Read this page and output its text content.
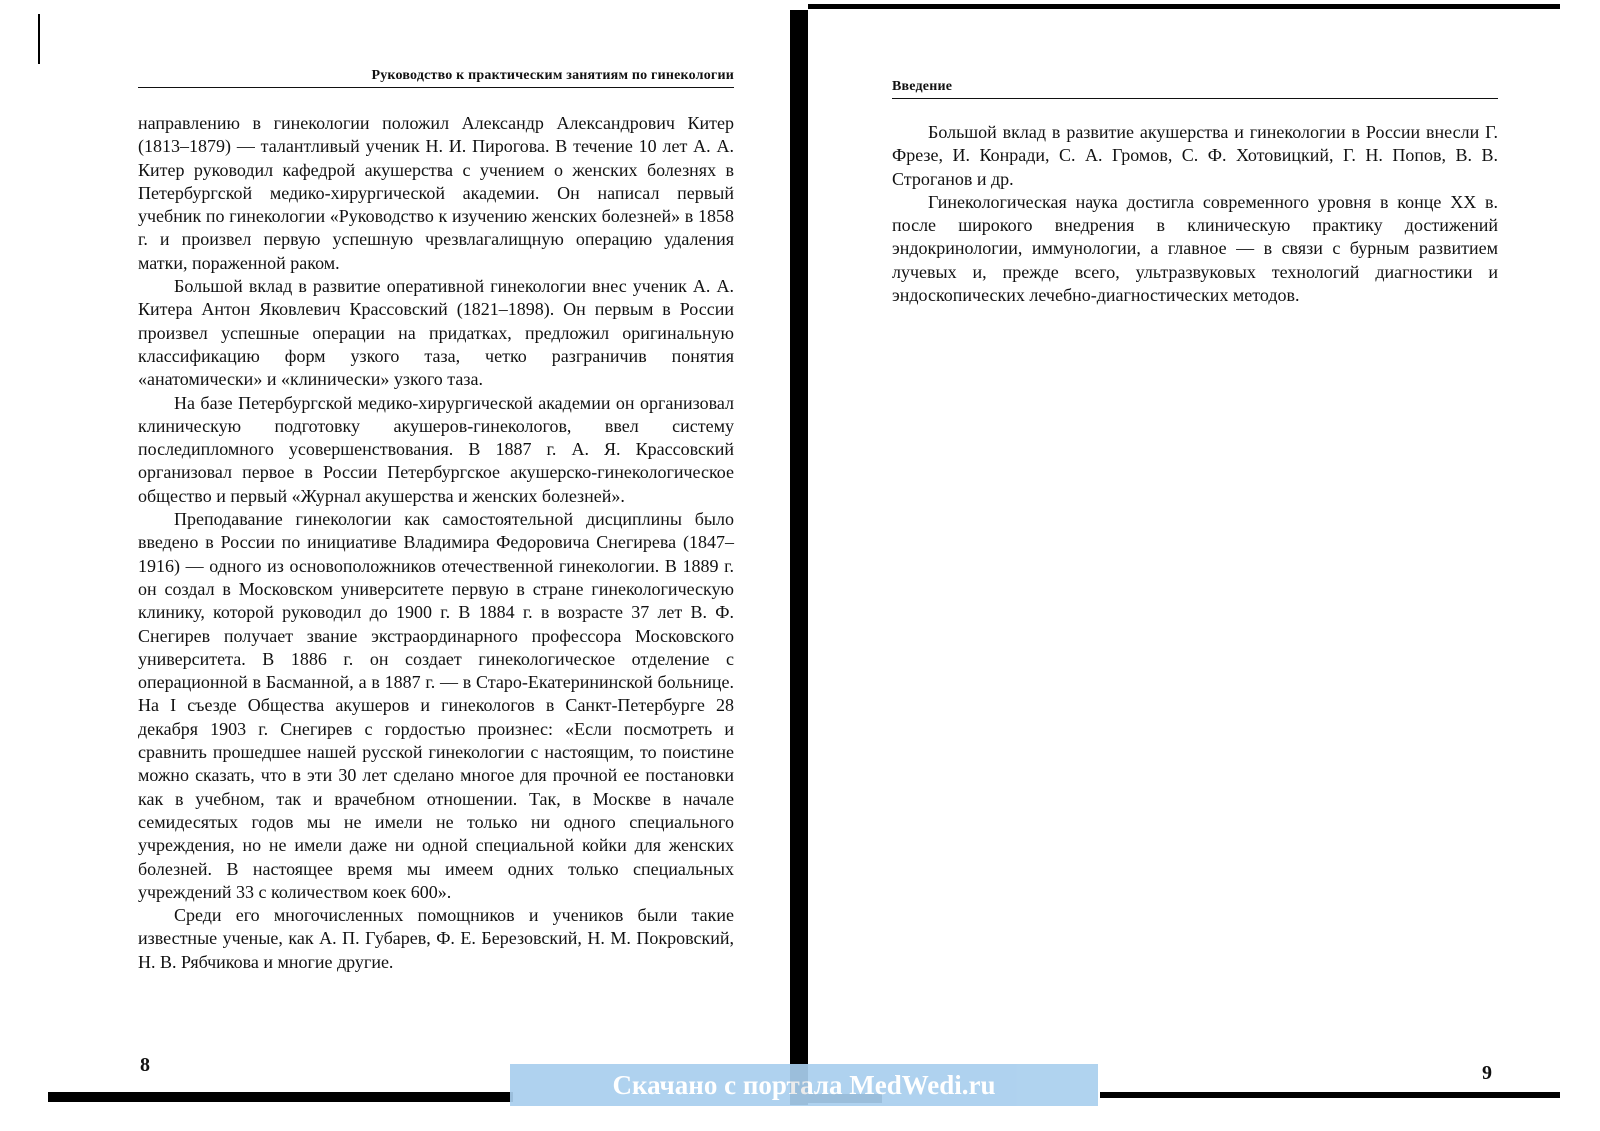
Руководство к практическим занятиям по гинекологии

направлению в гинекологии положил Александр Александрович Китер (1813–1879) — талантливый ученик Н. И. Пирогова. В течение 10 лет А. А. Китер руководил кафедрой акушерства с учением о женских болезнях в Петербургской медико-хирургической академии. Он написал первый учебник по гинекологии «Руководство к изучению женских болезней» в 1858 г. и произвел первую успешную чрезвлагалищную операцию удаления матки, пораженной раком.

Большой вклад в развитие оперативной гинекологии внес ученик А. А. Китера Антон Яковлевич Крассовский (1821–1898). Он первым в России произвел успешные операции на придатках, предложил оригинальную классификацию форм узкого таза, четко разграничив понятия «анатомически» и «клинически» узкого таза.

На базе Петербургской медико-хирургической академии он организовал клиническую подготовку акушеров-гинекологов, ввел систему последипломного усовершенствования. В 1887 г. А. Я. Крассовский организовал первое в России Петербургское акушерско-гинекологическое общество и первый «Журнал акушерства и женских болезней».

Преподавание гинекологии как самостоятельной дисциплины было введено в России по инициативе Владимира Федоровича Снегирева (1847–1916) — одного из основоположников отечественной гинекологии. В 1889 г. он создал в Московском университете первую в стране гинекологическую клинику, которой руководил до 1900 г. В 1884 г. в возрасте 37 лет В. Ф. Снегирев получает звание экстраординарного профессора Московского университета. В 1886 г. он создает гинекологическое отделение с операционной в Басманной, а в 1887 г. — в Старо-Екатерининской больнице. На I съезде Общества акушеров и гинекологов в Санкт-Петербурге 28 декабря 1903 г. Снегирев с гордостью произнес: «Если посмотреть и сравнить прошедшее нашей русской гинекологии с настоящим, то поистине можно сказать, что в эти 30 лет сделано многое для прочной ее постановки как в учебном, так и врачебном отношении. Так, в Москве в начале семидесятых годов мы не имели не только ни одного специального учреждения, но не имели даже ни одной специальной койки для женских болезней. В настоящее время мы имеем одних только специальных учреждений 33 с количеством коек 600».

Среди его многочисленных помощников и учеников были такие известные ученые, как А. П. Губарев, Ф. Е. Березовский, Н. М. Покровский, Н. В. Рябчикова и многие другие.

8
Введение

Большой вклад в развитие акушерства и гинекологии в России внесли Г. Фрезе, И. Конради, С. А. Громов, С. Ф. Хотовицкий, Г. Н. Попов, В. В. Строганов и др.

Гинекологическая наука достигла современного уровня в конце XX в. после широкого внедрения в клиническую практику достижений эндокринологии, иммунологии, а главное — в связи с бурным развитием лучевых и, прежде всего, ультразвуковых технологий диагностики и эндоскопических лечебно-диагностических методов.

9
Скачано с портала MedWedi.ru
